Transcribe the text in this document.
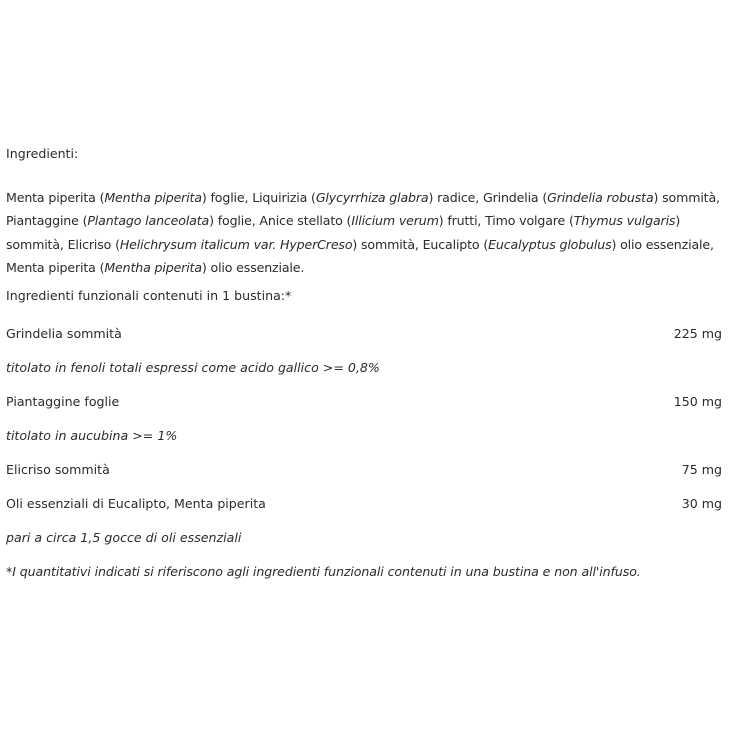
Ingredienti:
Menta piperita (Mentha piperita) foglie, Liquirizia (Glycyrrhiza glabra) radice, Grindelia (Grindelia robusta) sommità, Piantaggine (Plantago lanceolata) foglie, Anice stellato (Illicium verum) frutti, Timo volgare (Thymus vulgaris) sommità, Elicriso (Helichrysum italicum var. HyperCreso) sommità, Eucalipto (Eucalyptus globulus) olio essenziale, Menta piperita (Mentha piperita) olio essenziale.
Ingredienti funzionali contenuti in 1 bustina:*
Grindelia sommità	225 mg
titolato in fenoli totali espressi come acido gallico >= 0,8%
Piantaggine foglie	150 mg
titolato in aucubina >= 1%
Elicriso sommità	75 mg
Oli essenziali di Eucalipto, Menta piperita	30 mg
pari a circa 1,5 gocce di oli essenziali
*I quantitativi indicati si riferiscono agli ingredienti funzionali contenuti in una bustina e non all'infuso.
